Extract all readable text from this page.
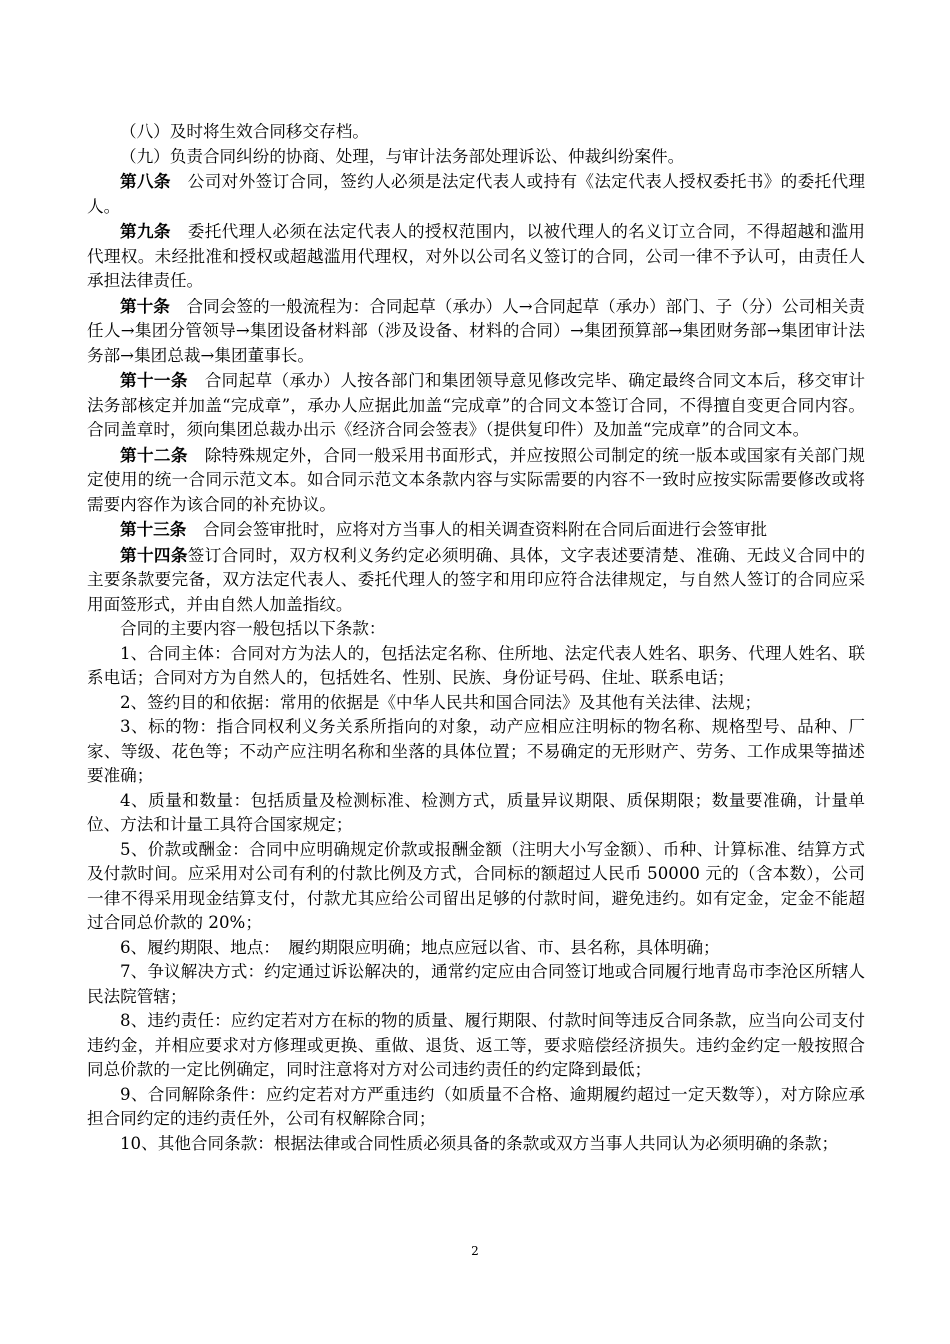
（八）及时将生效合同移交存档。

（九）负责合同纠纷的协商、处理，与审计法务部处理诉讼、仲裁纠纷案件。

第八条　公司对外签订合同，签约人必须是法定代表人或持有《法定代表人授权委托书》的委托代理人。

第九条　委托代理人必须在法定代表人的授权范围内，以被代理人的名义订立合同，不得超越和滥用代理权。未经批准和授权或超越滥用代理权，对外以公司名义签订的合同，公司一律不予认可，由责任人承担法律责任。

第十条　合同会签的一般流程为：合同起草（承办）人→合同起草（承办）部门、子（分）公司相关责任人→集团分管领导→集团设备材料部（涉及设备、材料的合同）→集团预算部→集团财务部→集团审计法务部→集团总裁→集团董事长。

第十一条　合同起草（承办）人按各部门和集团领导意见修改完毕、确定最终合同文本后，移交审计法务部核定并加盖“完成章”，承办人应据此加盖“完成章”的合同文本签订合同，不得擅自变更合同内容。合同盖章时，须向集团总裁办出示《经济合同会签表》（提供复印件）及加盖“完成章”的合同文本。

第十二条　除特殊规定外，合同一般采用书面形式，并应按照公司制定的统一版本或国家有关部门规定使用的统一合同示范文本。如合同示范文本条款内容与实际需要的内容不一致时应按实际需要修改或将需要内容作为该合同的补充协议。

第十三条　合同会签审批时，应将对方当事人的相关调查资料附在合同后面进行会签审批

第十四条签订合同时，双方权利义务约定必须明确、具体，文字表述要清楚、准确、无歧义合同中的主要条款要完备，双方法定代表人、委托代理人的签字和用印应符合法律规定，与自然人签订的合同应采用面签形式，并由自然人加盖指纹。

合同的主要内容一般包括以下条款：

1、合同主体：合同对方为法人的，包括法定名称、住所地、法定代表人姓名、职务、代理人姓名、联系电话；合同对方为自然人的，包括姓名、性别、民族、身份证号码、住址、联系电话；

2、签约目的和依据：常用的依据是《中华人民共和国合同法》及其他有关法律、法规；

3、标的物：指合同权利义务关系所指向的对象，动产应相应注明标的物名称、规格型号、品种、厂家、等级、花色等；不动产应注明名称和坐落的具体位置；不易确定的无形财产、劳务、工作成果等描述要准确；

4、质量和数量：包括质量及检测标准、检测方式，质量异议期限、质保期限；数量要准确，计量单位、方法和计量工具符合国家规定；

5、价款或酬金：合同中应明确规定价款或报酬金额（注明大小写金额）、币种、计算标准、结算方式及付款时间。应采用对公司有利的付款比例及方式，合同标的额超过人民币 50000 元的（含本数），公司一律不得采用现金结算支付，付款尤其应给公司留出足够的付款时间，避免违约。如有定金，定金不能超过合同总价款的 20%；

6、履约期限、地点：　履约期限应明确；地点应冠以省、市、县名称，具体明确；

7、争议解决方式：约定通过诉讼解决的，通常约定应由合同签订地或合同履行地青岛市李沧区所辖人民法院管辖；

8、违约责任：应约定若对方在标的物的质量、履行期限、付款时间等违反合同条款，应当向公司支付违约金，并相应要求对方修理或更换、重做、退货、返工等，要求赔偿经济损失。违约金约定一般按照合同总价款的一定比例确定，同时注意将对方对公司违约责任的约定降到最低；

9、合同解除条件：应约定若对方严重违约（如质量不合格、逾期履约超过一定天数等），对方除应承担合同约定的违约责任外，公司有权解除合同；

10、其他合同条款：根据法律或合同性质必须具备的条款或双方当事人共同认为必须明确的条款；

2
